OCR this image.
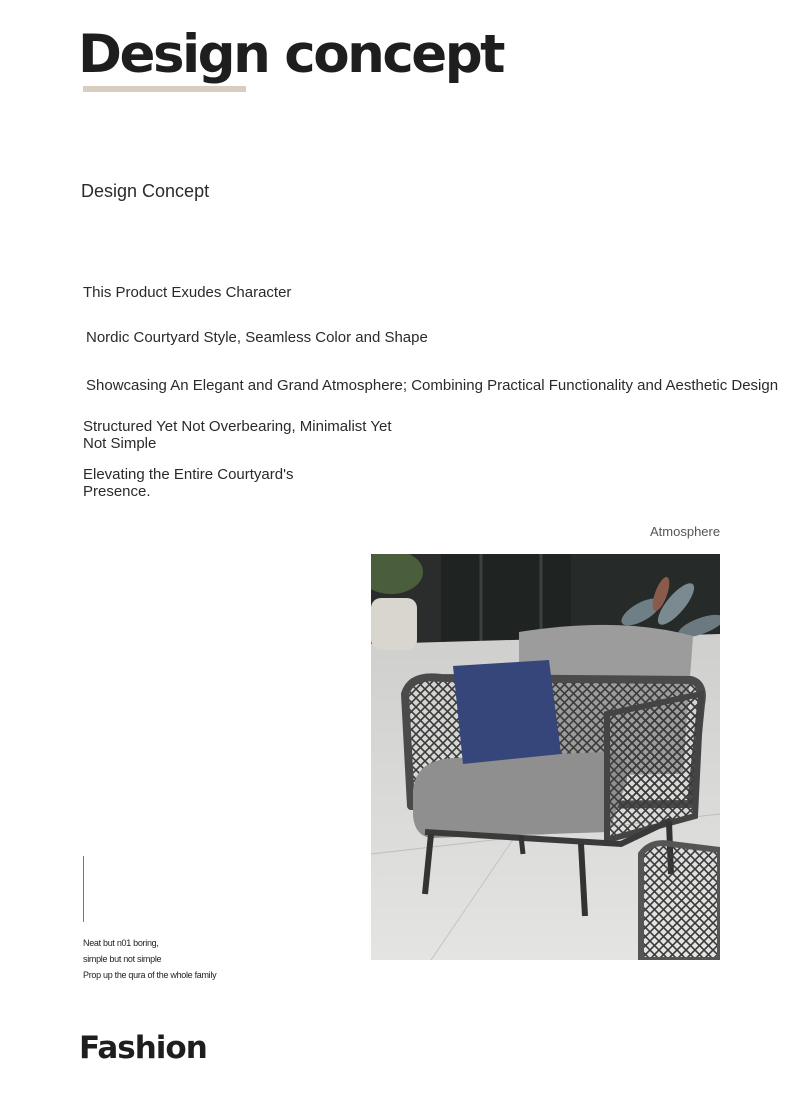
Design concept
Design Concept
This Product Exudes Character
Nordic Courtyard Style, Seamless Color and Shape
Showcasing An Elegant and Grand Atmosphere; Combining Practical Functionality and Aesthetic Design
Structured Yet Not Overbearing, Minimalist Yet Not Simple
Elevating the Entire Courtyard's Presence.
Atmosphere
Neat but n01 boring,
simple but not simple
Prop up the qura of the whole family
Fashion
